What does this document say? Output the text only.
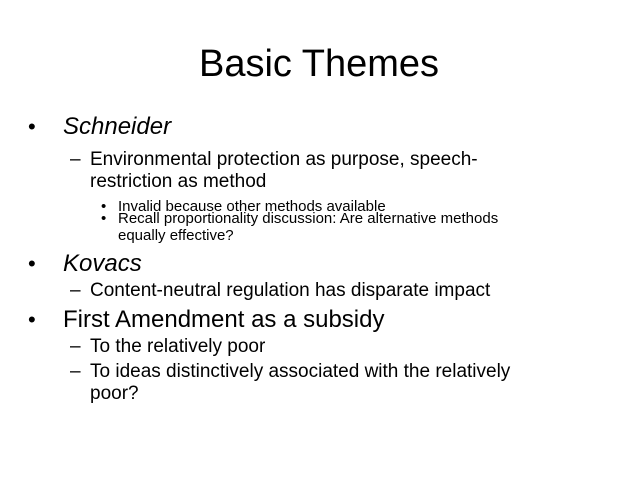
Basic Themes
• Schneider
– Environmental protection as purpose, speech-
restriction as method
• Invalid because other methods available
• Recall proportionality discussion: Are alternative methods
equally effective?
• Kovacs
– Content-neutral regulation has disparate impact
• First Amendment as a subsidy
– To the relatively poor
– To ideas distinctively associated with the relatively
poor?
